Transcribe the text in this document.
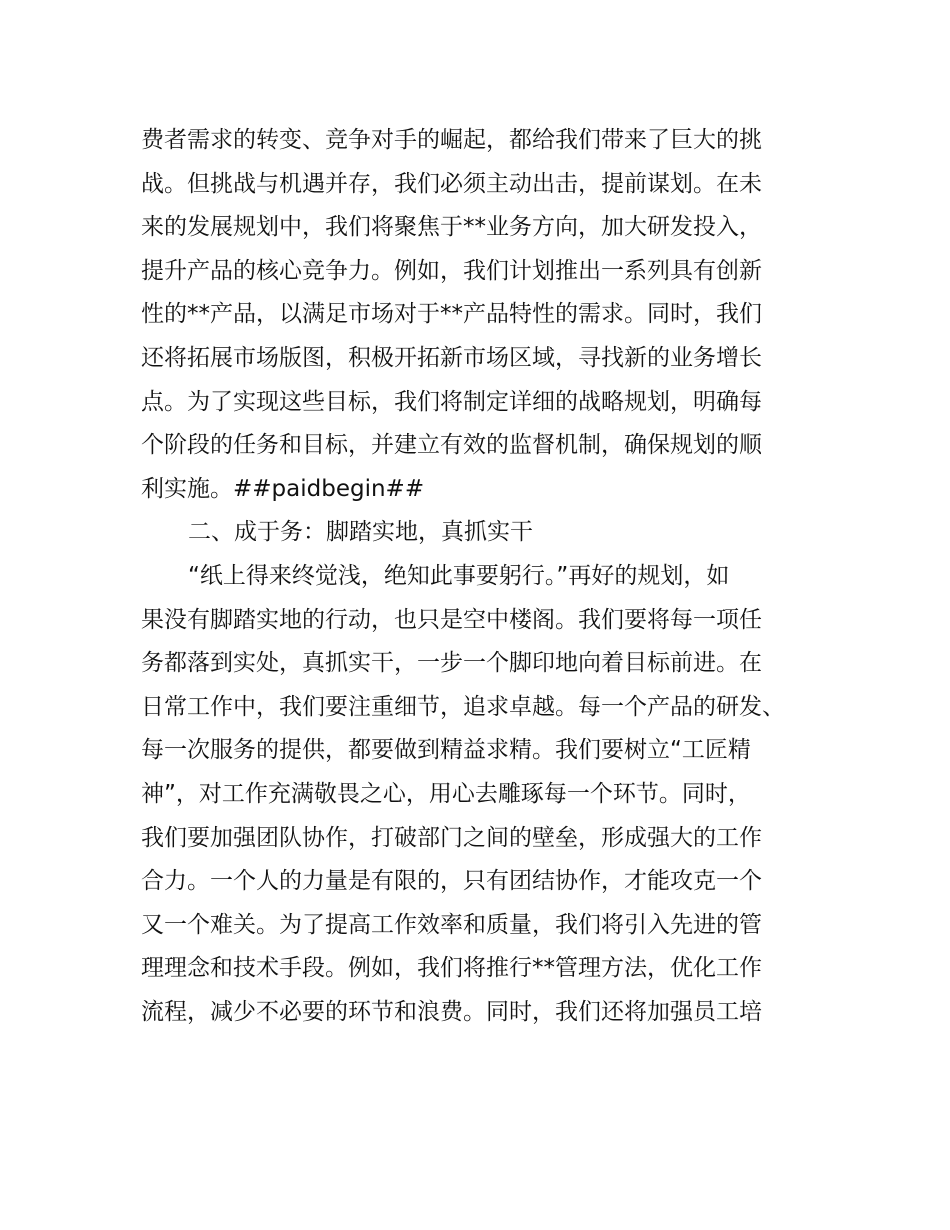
费者需求的转变、竞争对手的崛起，都给我们带来了巨大的挑
战。但挑战与机遇并存，我们必须主动出击，提前谋划。在未
来的发展规划中，我们将聚焦于**业务方向，加大研发投入，
提升产品的核心竞争力。例如，我们计划推出一系列具有创新
性的**产品，以满足市场对于**产品特性的需求。同时，我们
还将拓展市场版图，积极开拓新市场区域，寻找新的业务增长
点。为了实现这些目标，我们将制定详细的战略规划，明确每
个阶段的任务和目标，并建立有效的监督机制，确保规划的顺
利实施。##paidbegin##
二、成于务：脚踏实地，真抓实干
“纸上得来终觉浅，绝知此事要躬行。”再好的规划，如
果没有脚踏实地的行动，也只是空中楼阁。我们要将每一项任
务都落到实处，真抓实干，一步一个脚印地向着目标前进。在
日常工作中，我们要注重细节，追求卓越。每一个产品的研发、
每一次服务的提供，都要做到精益求精。我们要树立“工匠精
神”，对工作充满敬畏之心，用心去雕琢每一个环节。同时，
我们要加强团队协作，打破部门之间的壁垒，形成强大的工作
合力。一个人的力量是有限的，只有团结协作，才能攻克一个
又一个难关。为了提高工作效率和质量，我们将引入先进的管
理理念和技术手段。例如，我们将推行**管理方法，优化工作
流程，减少不必要的环节和浪费。同时，我们还将加强员工培
